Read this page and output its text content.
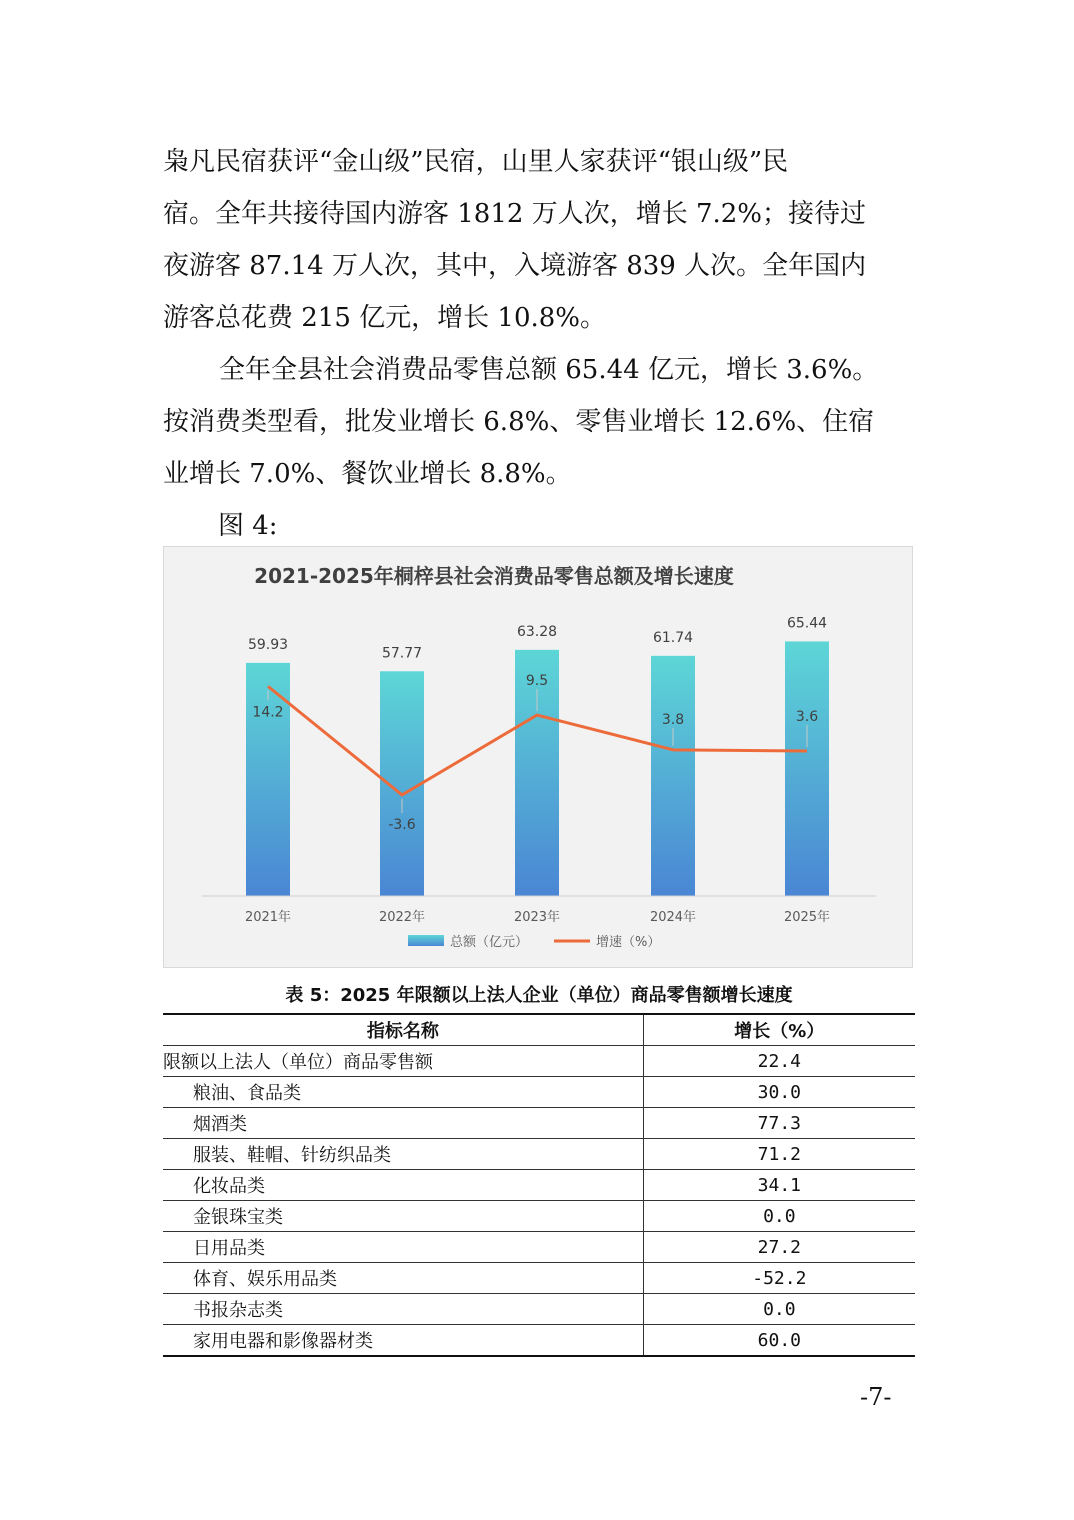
枭凡民宿获评“金山级”民宿，山里人家获评“银山级”民
宿。全年共接待国内游客 1812 万人次，增长 7.2%；接待过
夜游客 87.14 万人次，其中，入境游客 839 人次。全年国内
游客总花费 215 亿元，增长 10.8%。
全年全县社会消费品零售总额 65.44 亿元，增长 3.6%。
按消费类型看，批发业增长 6.8%、零售业增长 12.6%、住宿
业增长 7.0%、餐饮业增长 8.8%。
图 4:
2021-2025年桐梓县社会消费品零售总额及增长速度
59.93
57.77
63.28	61.74
65.44
14.2
-3.6
9.5
3.8	3.6
2021年	2022年	2023年	2024年	2025年
总额（亿元）	增速（%）
表 5：2025 年限额以上法人企业（单位）商品零售额增长速度
指标名称	增长（%）
限额以上法人（单位）商品零售额	22.4
粮油、食品类	30.0
烟酒类	77.3
服装、鞋帽、针纺织品类	71.2
化妆品类	34.1
金银珠宝类	0.0
日用品类	27.2
体育、娱乐用品类	-52.2
书报杂志类	0.0
家用电器和影像器材类	60.0
-7-
